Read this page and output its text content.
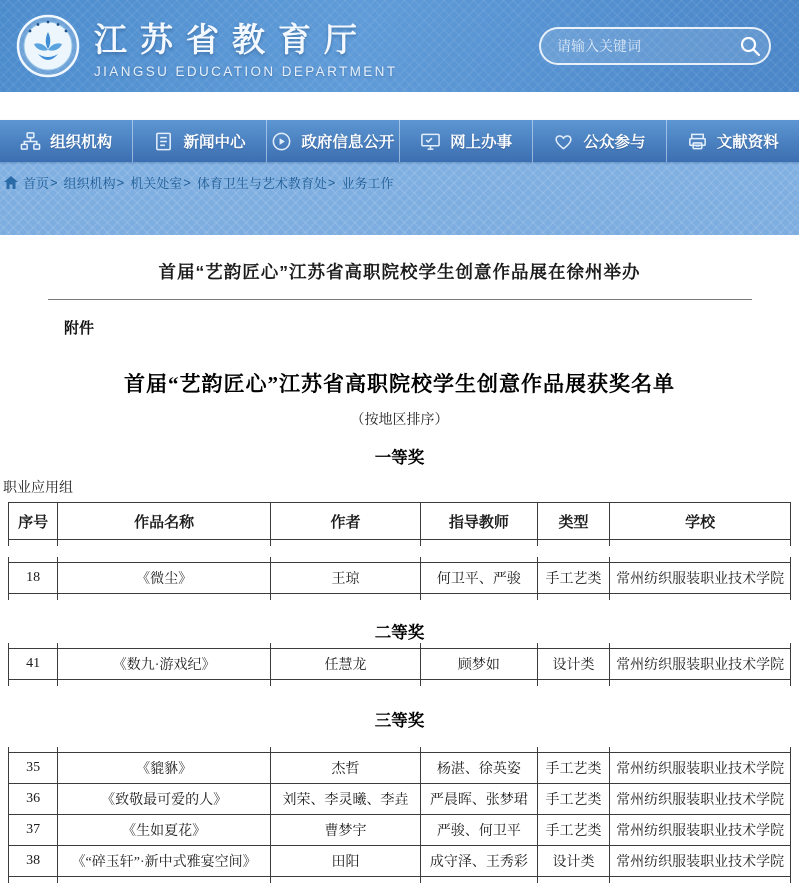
江苏省教育厅
JIANGSU EDUCATION DEPARTMENT
请输入关键词
组织机构	新闻中心	政府信息公开	网上办事	公众参与	文献资料
首页 > 组织机构 > 机关处室 > 体育卫生与艺术教育处 > 业务工作
首届“艺韵匠心”江苏省高职院校学生创意作品展在徐州举办
附件
首届“艺韵匠心”江苏省高职院校学生创意作品展获奖名单
（按地区排序）
一等奖
职业应用组
序号	作品名称	作者	指导教师	类型	学校

18	《微尘》	王琼	何卫平、严骏	手工艺类	常州纺织服装职业技术学院

二等奖

41	《数九·游戏纪》	任慧龙	顾梦如	设计类	常州纺织服装职业技术学院

三等奖

35	《貔貅》	杰哲	杨湛、徐英姿	手工艺类	常州纺织服装职业技术学院
36	《致敬最可爱的人》	刘荣、李灵曦、李垚	严晨晖、张梦珺	手工艺类	常州纺织服装职业技术学院
37	《生如夏花》	曹梦宇	严骏、何卫平	手工艺类	常州纺织服装职业技术学院
38	《“碎玉轩”·新中式雅宴空间》	田阳	成守泽、王秀彩	设计类	常州纺织服装职业技术学院
